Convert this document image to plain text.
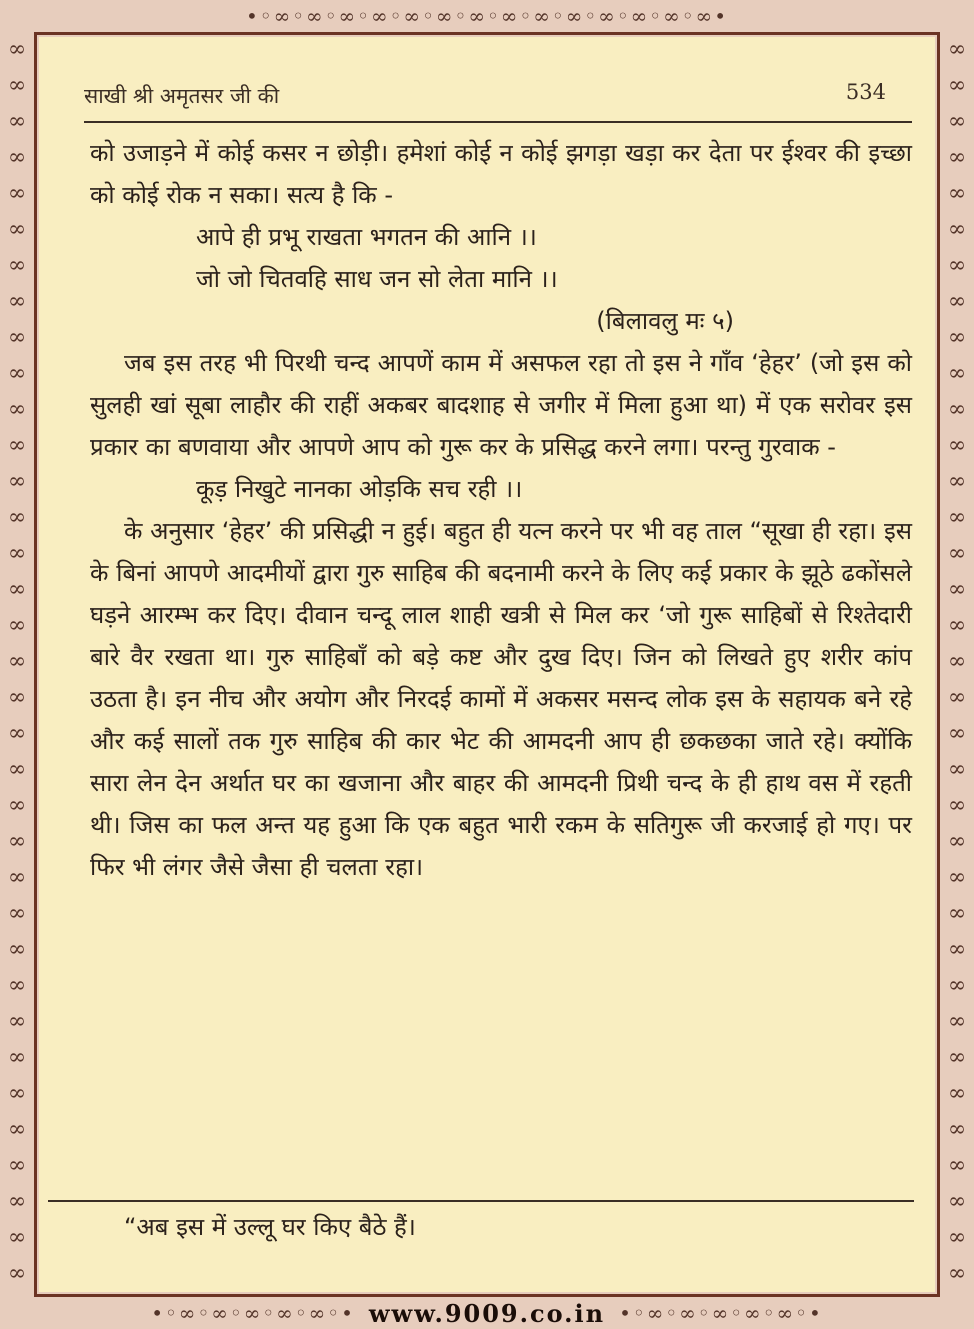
•◦∞◦∞◦∞◦∞◦∞◦∞◦∞◦∞◦∞◦∞◦∞◦∞◦∞◦∞•
∞∞∞∞∞∞∞∞∞∞∞∞∞∞∞∞∞∞∞∞∞∞∞∞∞∞∞∞∞∞∞∞∞∞∞
∞∞∞∞∞∞∞∞∞∞∞∞∞∞∞∞∞∞∞∞∞∞∞∞∞∞∞∞∞∞∞∞∞∞∞
•◦∞◦∞◦∞◦∞◦∞◦• www.9009.co.in •◦∞◦∞◦∞◦∞◦∞◦•
साखी श्री अमृतसर जी की	534

को उजाड़ने में कोई कसर न छोड़ी। हमेशां कोई न कोई झगड़ा खड़ा कर देता पर ईश्वर की इच्छा को कोई रोक न सका। सत्य है कि -

आपे ही प्रभू राखता भगतन की आनि ।।

जो जो चितवहि साध जन सो लेता मानि ।।

(बिलावलु मः ५)

जब इस तरह भी पिरथी चन्द आपणें काम में असफल रहा तो इस ने गाँव ‘हेहर’ (जो इस को सुलही खां सूबा लाहौर की राहीं अकबर बादशाह से जगीर में मिला हुआ था) में एक सरोवर इस प्रकार का बणवाया और आपणे आप को गुरू कर के प्रसिद्ध करने लगा। परन्तु गुरवाक -

कूड़ निखुटे नानका ओड़कि सच रही ।।

के अनुसार ‘हेहर’ की प्रसिद्धी न हुई। बहुत ही यत्न करने पर भी वह ताल “सूखा ही रहा। इस के बिनां आपणे आदमीयों द्वारा गुरु साहिब की बदनामी करने के लिए कई प्रकार के झूठे ढकोंसले घड़ने आरम्भ कर दिए। दीवान चन्दू लाल शाही खत्री से मिल कर ‘जो गुरू साहिबों से रिश्तेदारी बारे वैर रखता था। गुरु साहिबाँ को बड़े कष्ट और दुख दिए। जिन को लिखते हुए शरीर कांप उठता है। इन नीच और अयोग और निरदई कामों में अकसर मसन्द लोक इस के सहायक बने रहे और कई सालों तक गुरु साहिब की कार भेट की आमदनी आप ही छकछका जाते रहे। क्योंकि सारा लेन देन अर्थात घर का खजाना और बाहर की आमदनी प्रिथी चन्द के ही हाथ वस में रहती थी। जिस का फल अन्त यह हुआ कि एक बहुत भारी रकम के सतिगुरू जी करजाई हो गए। पर फिर भी लंगर जैसे जैसा ही चलता रहा।

“अब इस में उल्लू घर किए बैठे हैं।
